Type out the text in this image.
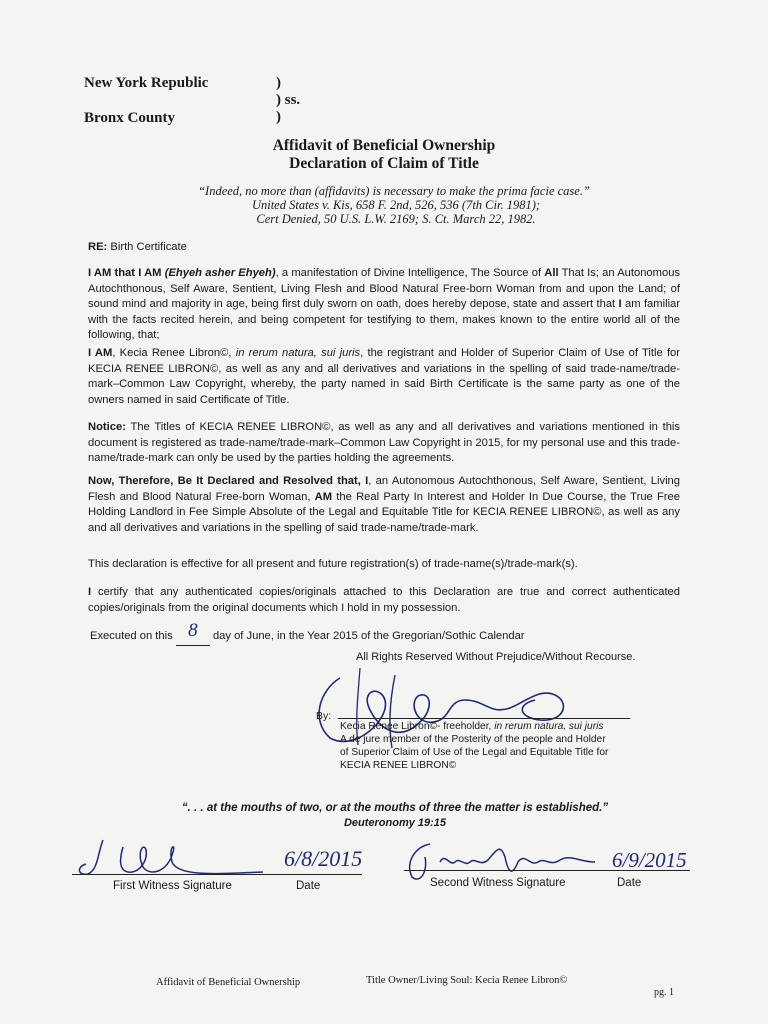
New York Republic
Bronx County
)
) ss.
)
Affidavit of Beneficial Ownership
Declaration of Claim of Title
“Indeed, no more than (affidavits) is necessary to make the prima facie case.”
United States v. Kis, 658 F. 2nd, 526, 536 (7th Cir. 1981);
Cert Denied, 50 U.S. L.W. 2169; S. Ct. March 22, 1982.
RE: Birth Certificate

I AM that I AM (Ehyeh asher Ehyeh), a manifestation of Divine Intelligence, The Source of All That Is; an Autonomous Autochthonous, Self Aware, Sentient, Living Flesh and Blood Natural Free-born Woman from and upon the Land; of sound mind and majority in age, being first duly sworn on oath, does hereby depose, state and assert that I am familiar with the facts recited herein, and being competent for testifying to them, makes known to the entire world all of the following, that;

I AM, Kecia Renee Libron©, in rerum natura, sui juris, the registrant and Holder of Superior Claim of Use of Title for KECIA RENEE LIBRON©, as well as any and all derivatives and variations in the spelling of said trade-name/trade-mark–Common Law Copyright, whereby, the party named in said Birth Certificate is the same party as one of the owners named in said Certificate of Title.

Notice: The Titles of KECIA RENEE LIBRON©, as well as any and all derivatives and variations mentioned in this document is registered as trade-name/trade-mark–Common Law Copyright in 2015, for my personal use and this trade-name/trade-mark can only be used by the parties holding the agreements.

Now, Therefore, Be It Declared and Resolved that, I, an Autonomous Autochthonous, Self Aware, Sentient, Living Flesh and Blood Natural Free-born Woman, AM the Real Party In Interest and Holder In Due Course, the True Free Holding Landlord in Fee Simple Absolute of the Legal and Equitable Title for KECIA RENEE LIBRON©, as well as any and all derivatives and variations in the spelling of said trade-name/trade-mark.

This declaration is effective for all present and future registration(s) of trade-name(s)/trade-mark(s).

I certify that any authenticated copies/originals attached to this Declaration are true and correct authenticated copies/originals from the original documents which I hold in my possession.

Executed on this 8 day of June, in the Year 2015 of the Gregorian/Sothic Calendar
All Rights Reserved Without Prejudice/Without Recourse.
By:
Kecia Renee Libron©- freeholder, in rerum natura, sui juris
A de jure member of the Posterity of the people and Holder
of Superior Claim of Use of the Legal and Equitable Title for
KECIA RENEE LIBRON©
“. . . at the mouths of two, or at the mouths of three the matter is established.”
Deuteronomy 19:15
6/8/2015	6/9/2015
First Witness Signature	Date	Second Witness Signature	Date
Affidavit of Beneficial Ownership	Title Owner/Living Soul: Kecia Renee Libron©
pg. 1
